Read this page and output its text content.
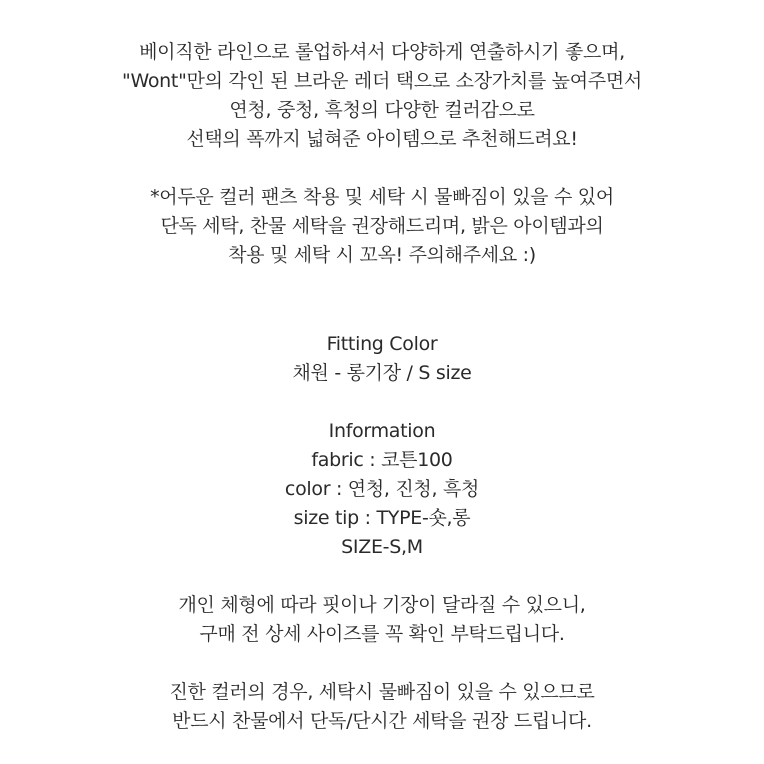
베이직한 라인으로 롤업하셔서 다양하게 연출하시기 좋으며,
"Wont"만의 각인 된 브라운 레더 택으로 소장가치를 높여주면서
연청, 중청, 흑청의 다양한 컬러감으로
선택의 폭까지 넓혀준 아이템으로 추천해드려요!
*어두운 컬러 팬츠 착용 및 세탁 시 물빠짐이 있을 수 있어
단독 세탁, 찬물 세탁을 권장해드리며, 밝은 아이템과의
착용 및 세탁 시 꼬옥! 주의해주세요 :)
Fitting Color
채원 - 롱기장 / S size
Information
fabric : 코튼100
color : 연청, 진청, 흑청
size tip : TYPE-숏,롱
SIZE-S,M
개인 체형에 따라 핏이나 기장이 달라질 수 있으니,
구매 전 상세 사이즈를 꼭 확인 부탁드립니다.
진한 컬러의 경우, 세탁시 물빠짐이 있을 수 있으므로
반드시 찬물에서 단독/단시간 세탁을 권장 드립니다.
